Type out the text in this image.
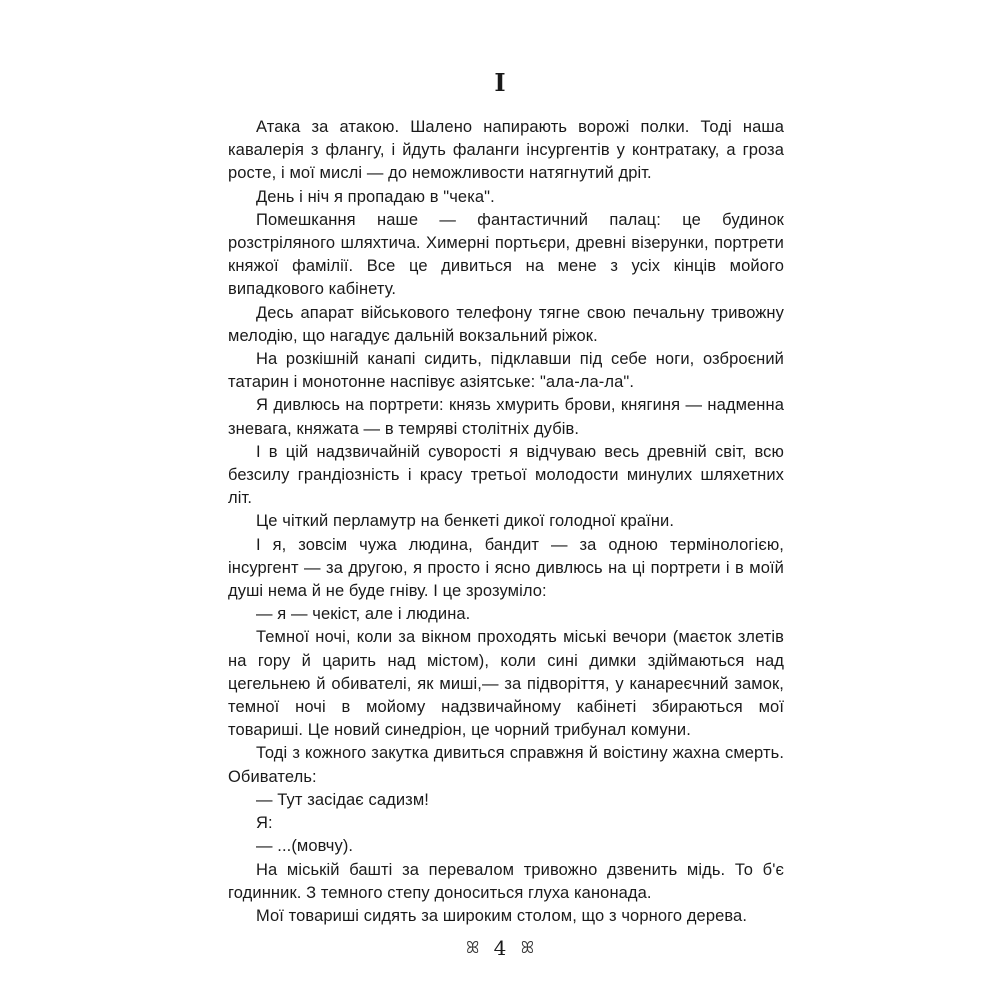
I

Атака за атакою. Шалено напирають ворожі полки. Тоді наша кавалерія з флангу, і йдуть фаланги інсургентів у контратаку, а гроза росте, і мої мислі — до неможливости натягнутий дріт.

День і ніч я пропадаю в "чека".

Помешкання наше — фантастичний палац: це будинок розстріляного шляхтича. Химерні портьєри, древні візерунки, портрети княжої фамілії. Все це дивиться на мене з усіх кінців мойого випадкового кабінету.

Десь апарат військового телефону тягне свою печальну тривожну мелодію, що нагадує дальній вокзальний ріжок.

На розкішній канапі сидить, підклавши під себе ноги, озброєний татарин і монотонне наспівує азіятське: "ала-ла-ла".

Я дивлюсь на портрети: князь хмурить брови, княгиня — надменна зневага, княжата — в темряві столітніх дубів.

І в цій надзвичайній суворості я відчуваю весь древній світ, всю безсилу грандіозність і красу третьої молодости минулих шляхетних літ.

Це чіткий перламутр на бенкеті дикої голодної країни.

І я, зовсім чужа людина, бандит — за одною термінологією, інсургент — за другою, я просто і ясно дивлюсь на ці портрети і в моїй душі нема й не буде гніву. І це зрозуміло:

— я — чекіст, але і людина.

Темної ночі, коли за вікном проходять міські вечори (маєток злетів на гору й царить над містом), коли сині димки здіймаються над цегельнею й обивателі, як миші,— за підворіття, у канареєчний замок, темної ночі в мойому надзвичайному кабінеті збираються мої товариші. Це новий синедріон, це чорний трибунал комуни.

Тоді з кожного закутка дивиться справжня й воістину жахна смерть. Обиватель:

— Тут засідає садизм!

Я:

— ...(мовчу).

На міській башті за перевалом тривожно дзвенить мідь. То б'є годинник. З темного степу доноситься глуха канонада.

Мої товариші сидять за широким столом, що з чорного дерева.

ꕤ 4 ꕤ
